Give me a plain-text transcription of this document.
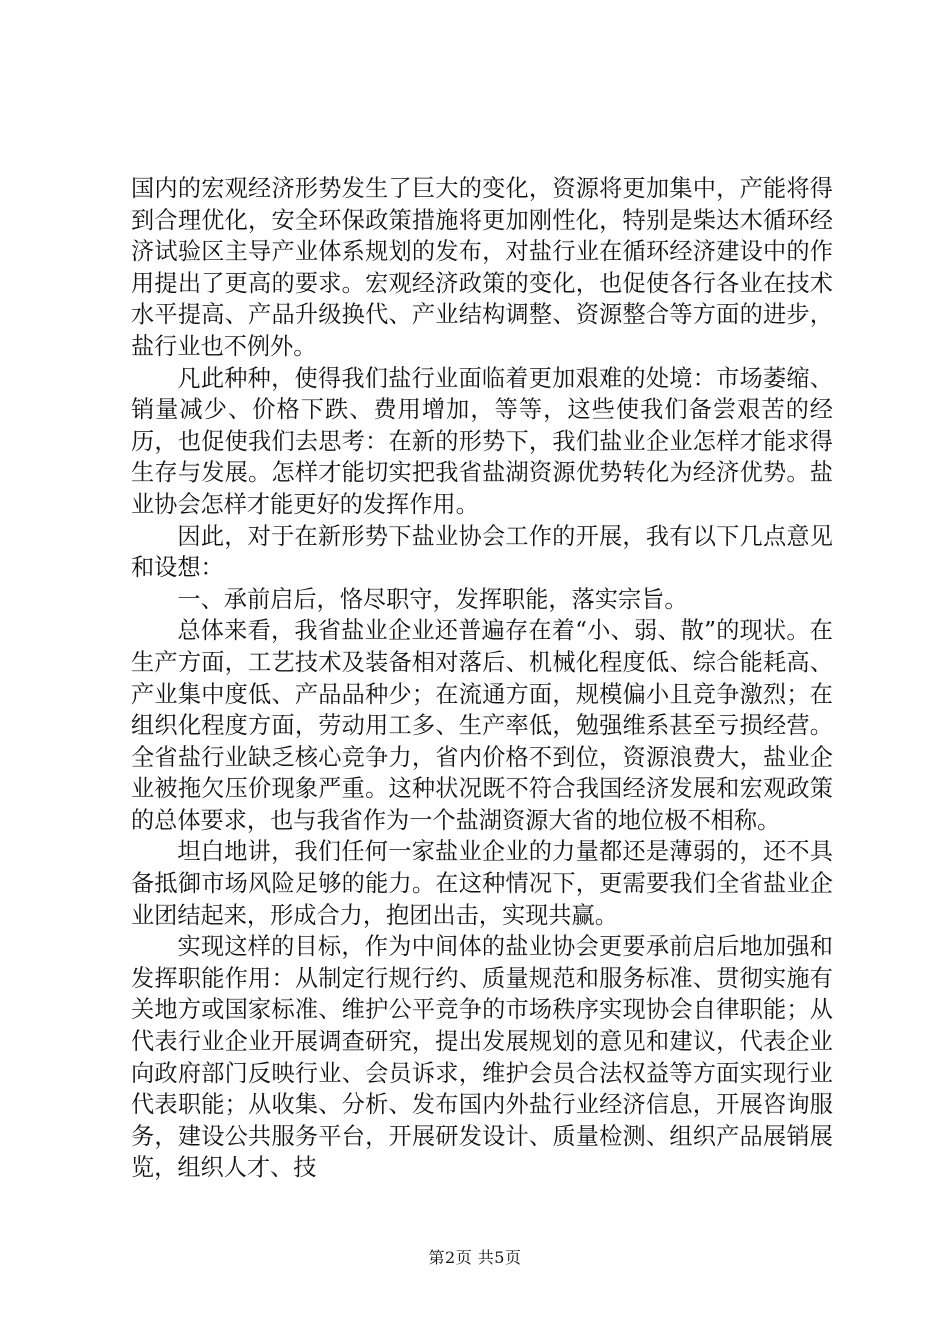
国内的宏观经济形势发生了巨大的变化，资源将更加集中，产能将得到合理优化，安全环保政策措施将更加刚性化，特别是柴达木循环经济试验区主导产业体系规划的发布，对盐行业在循环经济建设中的作用提出了更高的要求。宏观经济政策的变化，也促使各行各业在技术水平提高、产品升级换代、产业结构调整、资源整合等方面的进步，盐行业也不例外。

凡此种种，使得我们盐行业面临着更加艰难的处境：市场萎缩、销量减少、价格下跌、费用增加，等等，这些使我们备尝艰苦的经历，也促使我们去思考：在新的形势下，我们盐业企业怎样才能求得生存与发展。怎样才能切实把我省盐湖资源优势转化为经济优势。盐业协会怎样才能更好的发挥作用。

因此，对于在新形势下盐业协会工作的开展，我有以下几点意见和设想：

一、承前启后，恪尽职守，发挥职能，落实宗旨。

总体来看，我省盐业企业还普遍存在着“小、弱、散”的现状。在生产方面，工艺技术及装备相对落后、机械化程度低、综合能耗高、产业集中度低、产品品种少；在流通方面，规模偏小且竞争激烈；在组织化程度方面，劳动用工多、生产率低，勉强维系甚至亏损经营。全省盐行业缺乏核心竞争力，省内价格不到位，资源浪费大，盐业企业被拖欠压价现象严重。这种状况既不符合我国经济发展和宏观政策的总体要求，也与我省作为一个盐湖资源大省的地位极不相称。

坦白地讲，我们任何一家盐业企业的力量都还是薄弱的，还不具备抵御市场风险足够的能力。在这种情况下，更需要我们全省盐业企业团结起来，形成合力，抱团出击，实现共赢。

实现这样的目标，作为中间体的盐业协会更要承前启后地加强和发挥职能作用：从制定行规行约、质量规范和服务标准、贯彻实施有关地方或国家标准、维护公平竞争的市场秩序实现协会自律职能；从代表行业企业开展调查研究，提出发展规划的意见和建议，代表企业向政府部门反映行业、会员诉求，维护会员合法权益等方面实现行业代表职能；从收集、分析、发布国内外盐行业经济信息，开展咨询服务，建设公共服务平台，开展研发设计、质量检测、组织产品展销展览，组织人才、技

第2页 共5页
